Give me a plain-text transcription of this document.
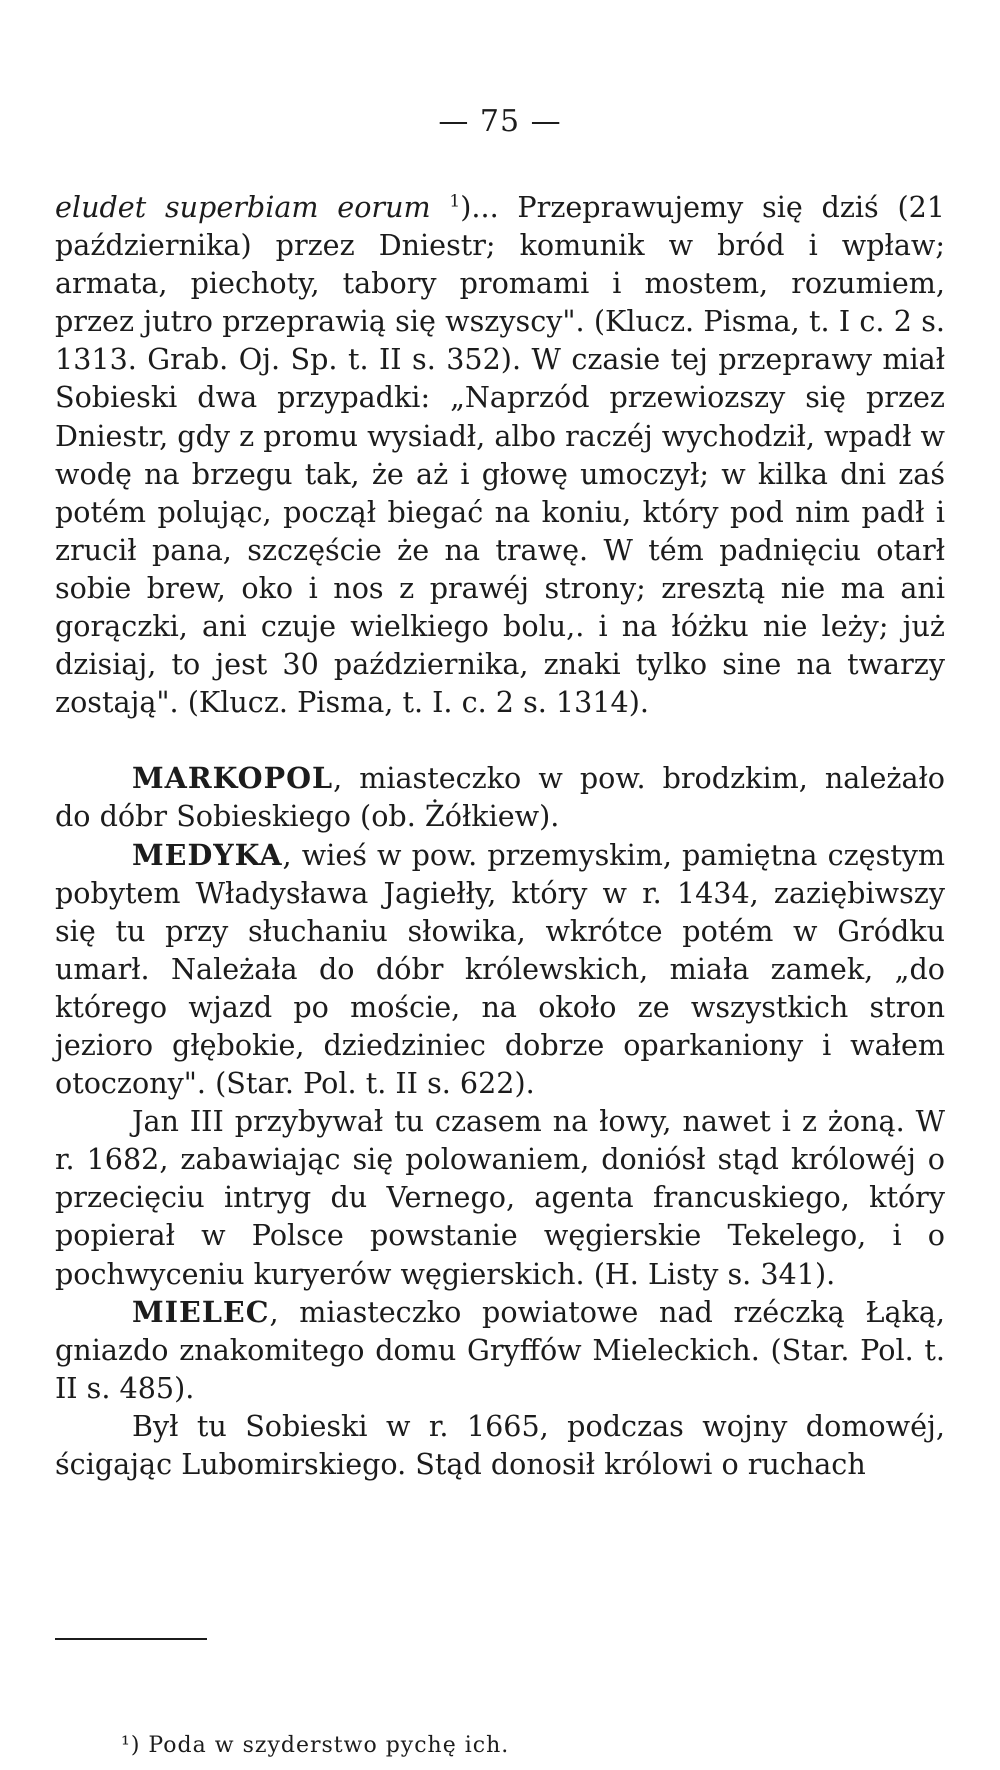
— 75 —

eludet superbiam eorum $^1$)... Przeprawujemy się dziś (21 października) przez Dniestr; komunik w bród i wpław; armata, piechoty, tabory promami i mostem, rozumiem, przez jutro przeprawią się wszyscy". (Klucz. Pisma, t. I c. 2 s. 1313. Grab. Oj. Sp. t. II s. 352). W czasie tej przeprawy miał Sobieski dwa przypadki: „Naprzód przewiozszy się przez Dniestr, gdy z promu wysiadł, albo raczéj wychodził, wpadł w wodę na brzegu tak, że aż i głowę umoczył; w kilka dni zaś potém polując, począł biegać na koniu, który pod nim padł i zrucił pana, szczęście że na trawę. W tém padnięciu otarł sobie brew, oko i nos z prawéj strony; zresztą nie ma ani gorączki, ani czuje wielkiego bolu,. i na łóżku nie leży; już dzisiaj, to jest 30 października, znaki tylko sine na twarzy zostają". (Klucz. Pisma, t. I. c. 2 s. 1314).

MARKOPOL, miasteczko w pow. brodzkim, należało do dóbr Sobieskiego (ob. Żółkiew).

MEDYKA, wieś w pow. przemyskim, pamiętna częstym pobytem Władysława Jagiełły, który w r. 1434, zaziębiwszy się tu przy słuchaniu słowika, wkrótce potém w Gródku umarł. Należała do dóbr królewskich, miała zamek, „do którego wjazd po moście, na około ze wszystkich stron jezioro głębokie, dziedziniec dobrze oparkaniony i wałem otoczony". (Star. Pol. t. II s. 622).

Jan III przybywał tu czasem na łowy, nawet i z żoną. W r. 1682, zabawiając się polowaniem, doniósł stąd królowéj o przecięciu intryg du Vernego, agenta francuskiego, który popierał w Polsce powstanie węgierskie Tekelego, i o pochwyceniu kuryerów węgierskich. (H. Listy s. 341).

MIELEC, miasteczko powiatowe nad rzéczką Łąką, gniazdo znakomitego domu Gryffów Mieleckich. (Star. Pol. t. II s. 485).

Był tu Sobieski w r. 1665, podczas wojny domowéj, ścigając Lubomirskiego. Stąd donosił królowi o ruchach

¹) Poda w szyderstwo pychę ich.
